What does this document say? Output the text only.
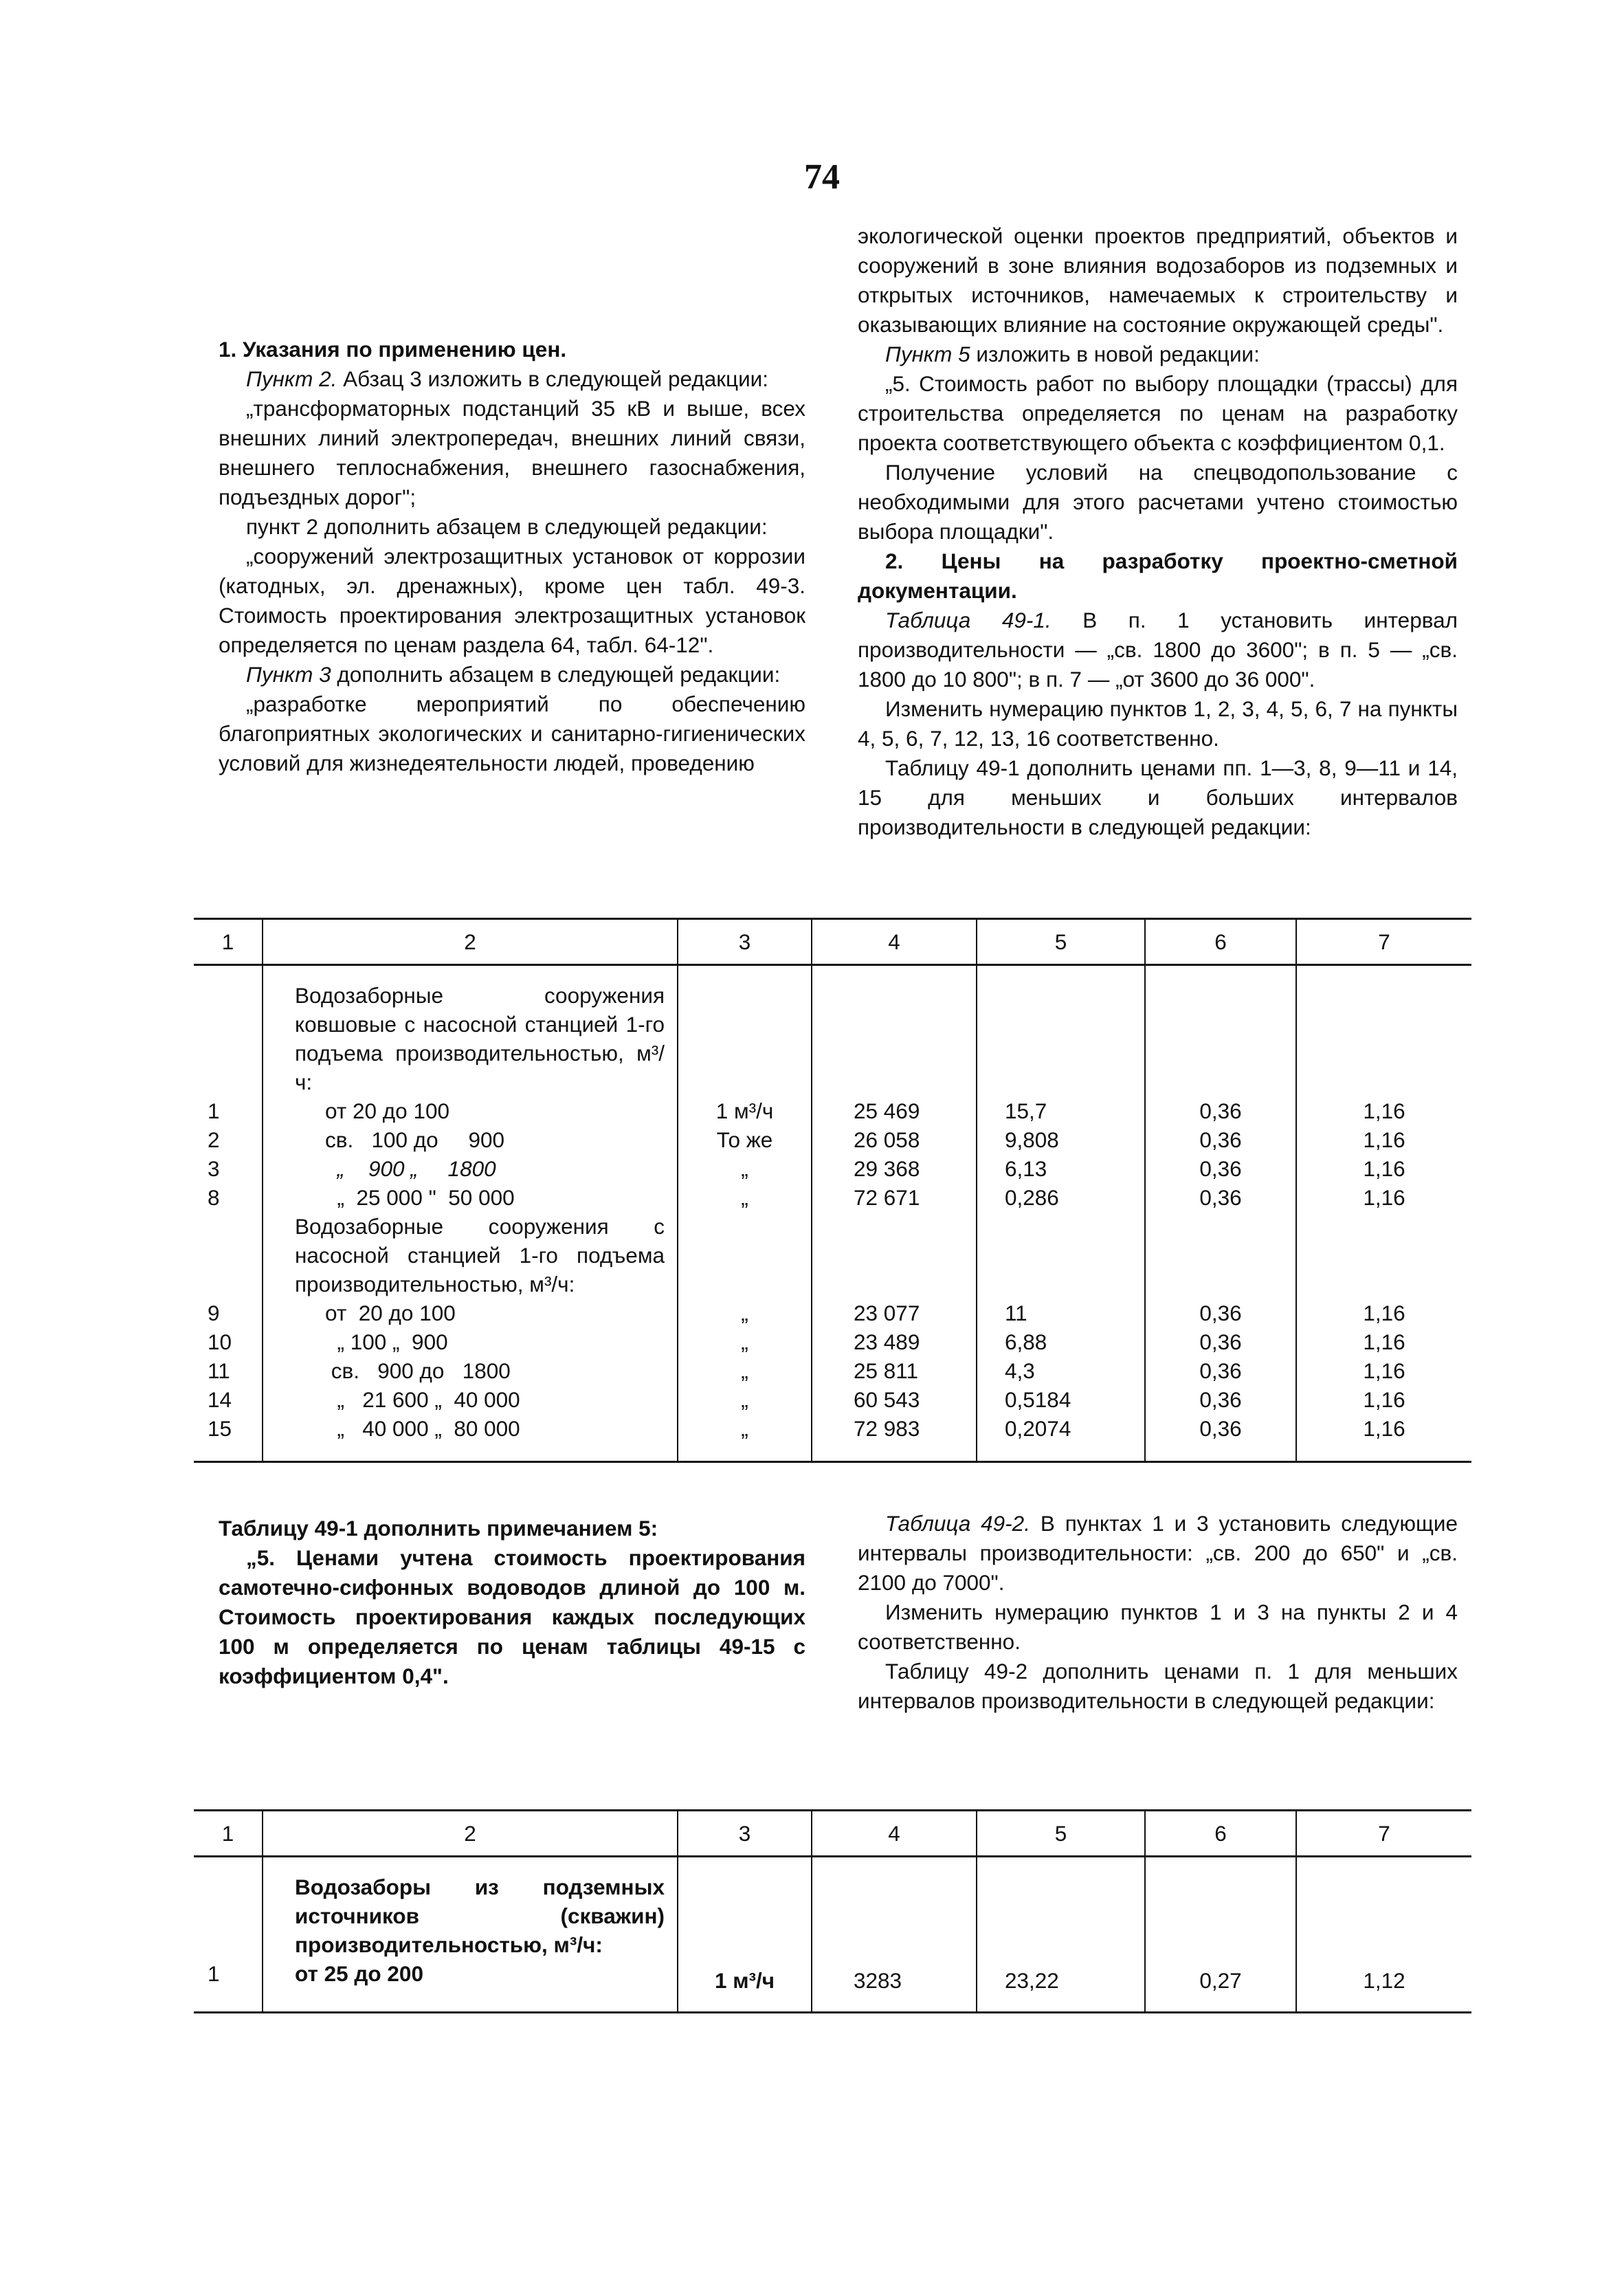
74

1. Указания по применению цен.

Пункт 2. Абзац 3 изложить в следующей редакции:

„трансформаторных подстанций 35 кВ и выше, всех внешних линий электропередач, внешних линий связи, внешнего теплоснабжения, внешнего газоснабжения, подъездных дорог";

пункт 2 дополнить абзацем в следующей редакции:

„сооружений электрозащитных установок от коррозии (катодных, эл. дренажных), кроме цен табл. 49-3. Стоимость проектирования электрозащитных установок определяется по ценам раздела 64, табл. 64-12".

Пункт 3 дополнить абзацем в следующей редакции:

„разработке мероприятий по обеспечению благоприятных экологических и санитарно-гигиенических условий для жизнедеятельности людей, проведению

экологической оценки проектов предприятий, объектов и сооружений в зоне влияния водозаборов из подземных и открытых источников, намечаемых к строительству и оказывающих влияние на состояние окружающей среды".

Пункт 5 изложить в новой редакции:

„5. Стоимость работ по выбору площадки (трассы) для строительства определяется по ценам на разработку проекта соответствующего объекта с коэффициентом 0,1.

Получение условий на спецводопользование с необходимыми для этого расчетами учтено стоимостью выбора площадки".

2. Цены на разработку проектно-сметной документации.

Таблица 49-1. В п. 1 установить интервал производительности — „св. 1800 до 3600"; в п. 5 — „св. 1800 до 10 800"; в п. 7 — „от 3600 до 36 000".

Изменить нумерацию пунктов 1, 2, 3, 4, 5, 6, 7 на пункты 4, 5, 6, 7, 12, 13, 16 соответственно.

Таблицу 49-1 дополнить ценами пп. 1—3, 8, 9—11 и 14, 15 для меньших и больших интервалов производительности в следующей редакции:

1	2	3	4	5	6	7
	Водозаборные сооружения ковшовые с насосной станцией 1-го подъема производительностью, м³/ч:					
1	от 20 до 100	1 м³/ч	25 469	15,7	0,36	1,16
2	св.   100 до     900	То же	26 058	9,808	0,36	1,16
3	„    900 „     1800	„	29 368	6,13	0,36	1,16
8	„  25 000 "  50 000	„	72 671	0,286	0,36	1,16
	Водозаборные сооружения с насосной станцией 1-го подъема производительностью, м³/ч:					
9	от  20 до 100	„	23 077	11	0,36	1,16
10	„ 100 „  900	„	23 489	6,88	0,36	1,16
11	св.   900 до   1800	„	25 811	4,3	0,36	1,16
14	„   21 600 „  40 000	„	60 543	0,5184	0,36	1,16
15	„   40 000 „  80 000	„	72 983	0,2074	0,36	1,16

Таблицу 49-1 дополнить примечанием 5:

„5. Ценами учтена стоимость проектирования самотечно-сифонных водоводов длиной до 100 м. Стоимость проектирования каждых последующих 100 м определяется по ценам таблицы 49-15 с коэффициентом 0,4".

Таблица 49-2. В пунктах 1 и 3 установить следующие интервалы производительности: „св. 200 до 650" и „св. 2100 до 7000".

Изменить нумерацию пунктов 1 и 3 на пункты 2 и 4 соответственно.

Таблицу 49-2 дополнить ценами п. 1 для меньших интервалов производительности в следующей редакции:

1	2	3	4	5	6	7
	Водозаборы из подземных источников (скважин) производительностью, м³/ч:					
1	от 25 до 200	1 м³/ч	3283	23,22	0,27	1,12
